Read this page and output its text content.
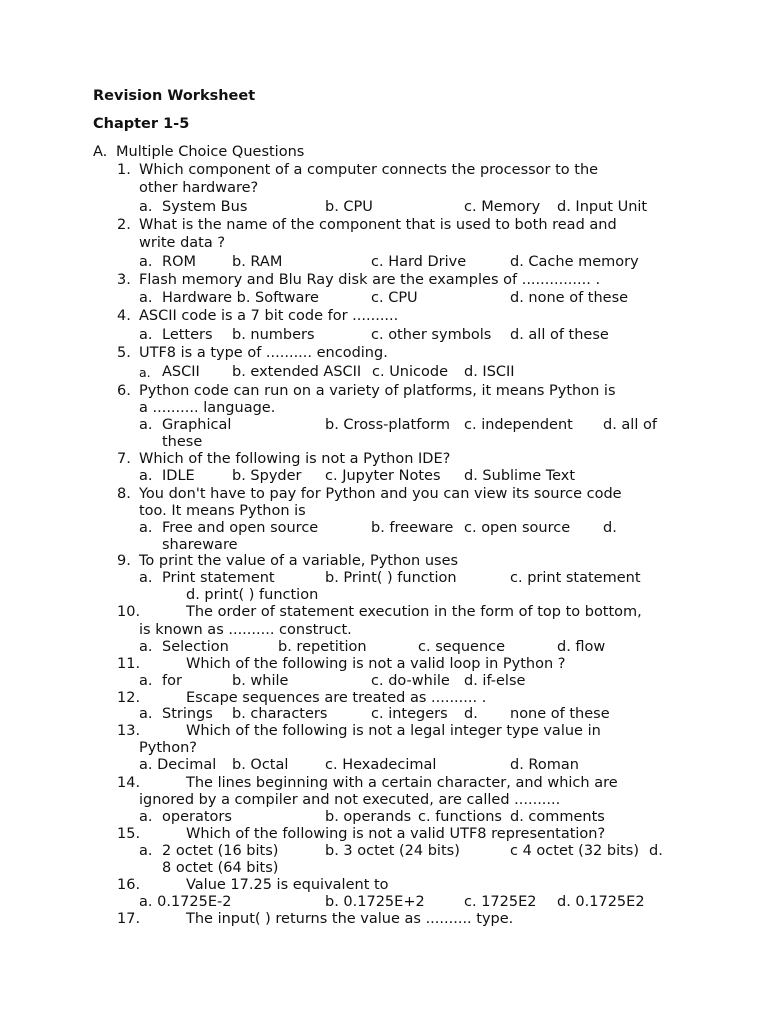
Revision Worksheet
Chapter 1-5
A. Multiple Choice Questions
1. Which component of a computer connects the processor to the
other hardware?
a. System Bus	b. CPU	c. Memory d. Input Unit
2. What is the name of the component that is used to both read and
write data ?
a. ROM b. RAM	c. Hard Drive	d. Cache memory
3. Flash memory and Blu Ray disk are the examples of ............... .
a. Hardware b. Software	c. CPU	d. none of these
4. ASCII code is a 7 bit code for ..........
a. Letters b. numbers	c. other symbols d. all of these
5. UTF8 is a type of .......... encoding.
a. ASCII b. extended ASCII c. Unicode d. ISCII
6. Python code can run on a variety of platforms, it means Python is
a .......... language.
a. Graphical	b. Cross-platform c. independent d. all of
these
7. Which of the following is not a Python IDE?
a. IDLE	b. Spyder c. Jupyter Notes d. Sublime Text
8. You don't have to pay for Python and you can view its source code
too. It means Python is
a. Free and open source	b. freeware c. open source d.
shareware
9. To print the value of a variable, Python uses
a. Print statement	b. Print( ) function	c. print statement
d. print( ) function
10.	The order of statement execution in the form of top to bottom,
is known as .......... construct.
a. Selection	b. repetition	c. sequence	d. flow
11.	Which of the following is not a valid loop in Python ?
a. for	b. while	c. do-while d. if-else
12.	Escape sequences are treated as .......... .
a. Strings b. characters	c. integers d. none of these
13.	Which of the following is not a legal integer type value in
Python?
a. Decimal b. Octal	c. Hexadecimal	d. Roman
14.	The lines beginning with a certain character, and which are
ignored by a compiler and not executed, are called ..........
a. operators	b. operands c. functions d. comments
15.	Which of the following is not a valid UTF8 representation?
a. 2 octet (16 bits)	b. 3 octet (24 bits)	c 4 octet (32 bits) d.
8 octet (64 bits)
16.	Value 17.25 is equivalent to
a. 0.1725E-2	b. 0.1725E+2	c. 1725E2 d. 0.1725E2
17.	The input( ) returns the value as .......... type.
